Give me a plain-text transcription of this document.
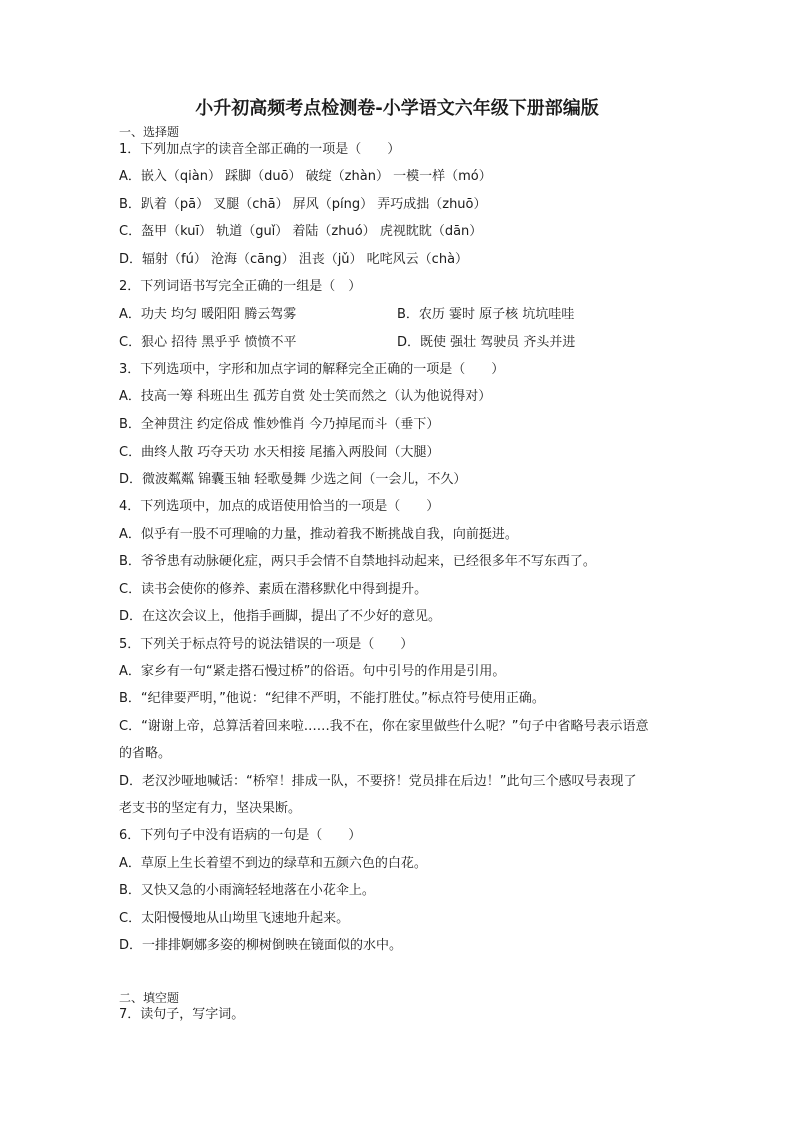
小升初高频考点检测卷-小学语文六年级下册部编版
一、选择题
1．下列加点字的读音全部正确的一项是（　　）
A．嵌入（qiàn） 踩脚（duō） 破绽（zhàn） 一模一样（mó）
B．趴着（pā） 叉腿（chā） 屏风（píng） 弄巧成拙（zhuō）
C．盔甲（kuī） 轨道（guǐ） 着陆（zhuó） 虎视眈眈（dān）
D．辐射（fú） 沧海（cāng） 沮丧（jǔ） 叱咤风云（chà）
2．下列词语书写完全正确的一组是（　）
A．功夫 均匀 暖阳阳 腾云驾雾	B．农历 霎时 原子核 坑坑哇哇
C．狠心 招待 黑乎乎 愤愤不平	D．既使 强壮 驾驶员 齐头并进
3．下列选项中，字形和加点字词的解释完全正确的一项是（　　）
A．技高一筹 科班出生 孤芳自赏 处士笑而然之（认为他说得对）
B．全神贯注 约定俗成 惟妙惟肖 今乃掉尾而斗（垂下）
C．曲终人散 巧夺天功 水天相接 尾搐入两股间（大腿）
D．微波粼粼 锦囊玉轴 轻歌曼舞 少选之间（一会儿，不久）
4．下列选项中，加点的成语使用恰当的一项是（　　）
A．似乎有一股不可理喻的力量，推动着我不断挑战自我，向前挺进。
B．爷爷患有动脉硬化症，两只手会情不自禁地抖动起来，已经很多年不写东西了。
C．读书会使你的修养、素质在潜移默化中得到提升。
D．在这次会议上，他指手画脚，提出了不少好的意见。
5．下列关于标点符号的说法错误的一项是（　　）
A．家乡有一句“紧走搭石慢过桥”的俗语。句中引号的作用是引用。
B．“纪律要严明，”他说：“纪律不严明，不能打胜仗。”标点符号使用正确。
C．“谢谢上帝，总算活着回来啦……我不在，你在家里做些什么呢？”句子中省略号表示语意
的省略。
D．老汉沙哑地喊话：“桥窄！排成一队，不要挤！党员排在后边！”此句三个感叹号表现了
老支书的坚定有力，坚决果断。
6．下列句子中没有语病的一句是（　　）
A．草原上生长着望不到边的绿草和五颜六色的白花。
B．又快又急的小雨滴轻轻地落在小花伞上。
C．太阳慢慢地从山坳里飞速地升起来。
D．一排排婀娜多姿的柳树倒映在镜面似的水中。
二、填空题
7．读句子，写字词。
